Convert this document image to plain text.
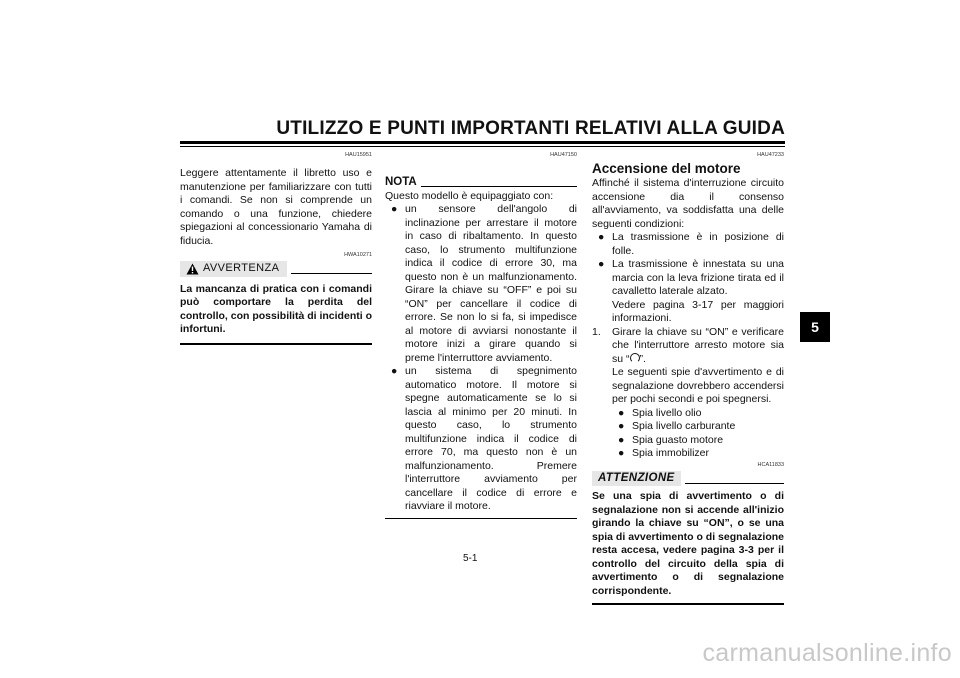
UTILIZZO E PUNTI IMPORTANTI RELATIVI ALLA GUIDA
5
HAU15951

Leggere attentamente il libretto uso e manutenzione per familiarizzare con tutti i comandi. Se non si comprende un comando o una funzione, chiedere spiegazioni al concessionario Yamaha di fiducia.

HWA10271
AVVERTENZA

La mancanza di pratica con i comandi può comportare la perdita del controllo, con possibilità di incidenti o infortuni.

HAU47150
NOTA
Questo modello è equipaggiato con:
● un sensore dell'angolo di inclinazione per arrestare il motore in caso di ribaltamento. In questo caso, lo strumento multifunzione indica il codice di errore 30, ma questo non è un malfunzionamento. Girare la chiave su “OFF” e poi su “ON” per cancellare il codice di errore. Se non lo si fa, si impedisce al motore di avviarsi nonostante il motore inizi a girare quando si preme l'interruttore avviamento.
● un sistema di spegnimento automatico motore. Il motore si spegne automaticamente se lo si lascia al minimo per 20 minuti. In questo caso, lo strumento multifunzione indica il codice di errore 70, ma questo non è un malfunzionamento. Premere l'interruttore avviamento per cancellare il codice di errore e riavviare il motore.
HAU47233
Accensione del motore

Affinché il sistema d'interruzione circuito accensione dia il consenso all'avviamento, va soddisfatta una delle seguenti condizioni:

● La trasmissione è in posizione di folle.
● La trasmissione è innestata su una marcia con la leva frizione tirata ed il cavalletto laterale alzato.
Vedere pagina 3-17 per maggiori informazioni.
1. Girare la chiave su “ON” e verificare che l'interruttore arresto motore sia su “ ”.
Le seguenti spie d'avvertimento e di segnalazione dovrebbero accendersi per pochi secondi e poi spegnersi.
● Spia livello olio
● Spia livello carburante
● Spia guasto motore
● Spia immobilizer
HCA11833
ATTENZIONE

Se una spia di avvertimento o di segnalazione non si accende all'inizio girando la chiave su “ON”, o se una spia di avvertimento o di segnalazione resta accesa, vedere pagina 3-3 per il controllo del circuito della spia di avvertimento o di segnalazione corrispondente.

5-1
carmanualsonline.info
